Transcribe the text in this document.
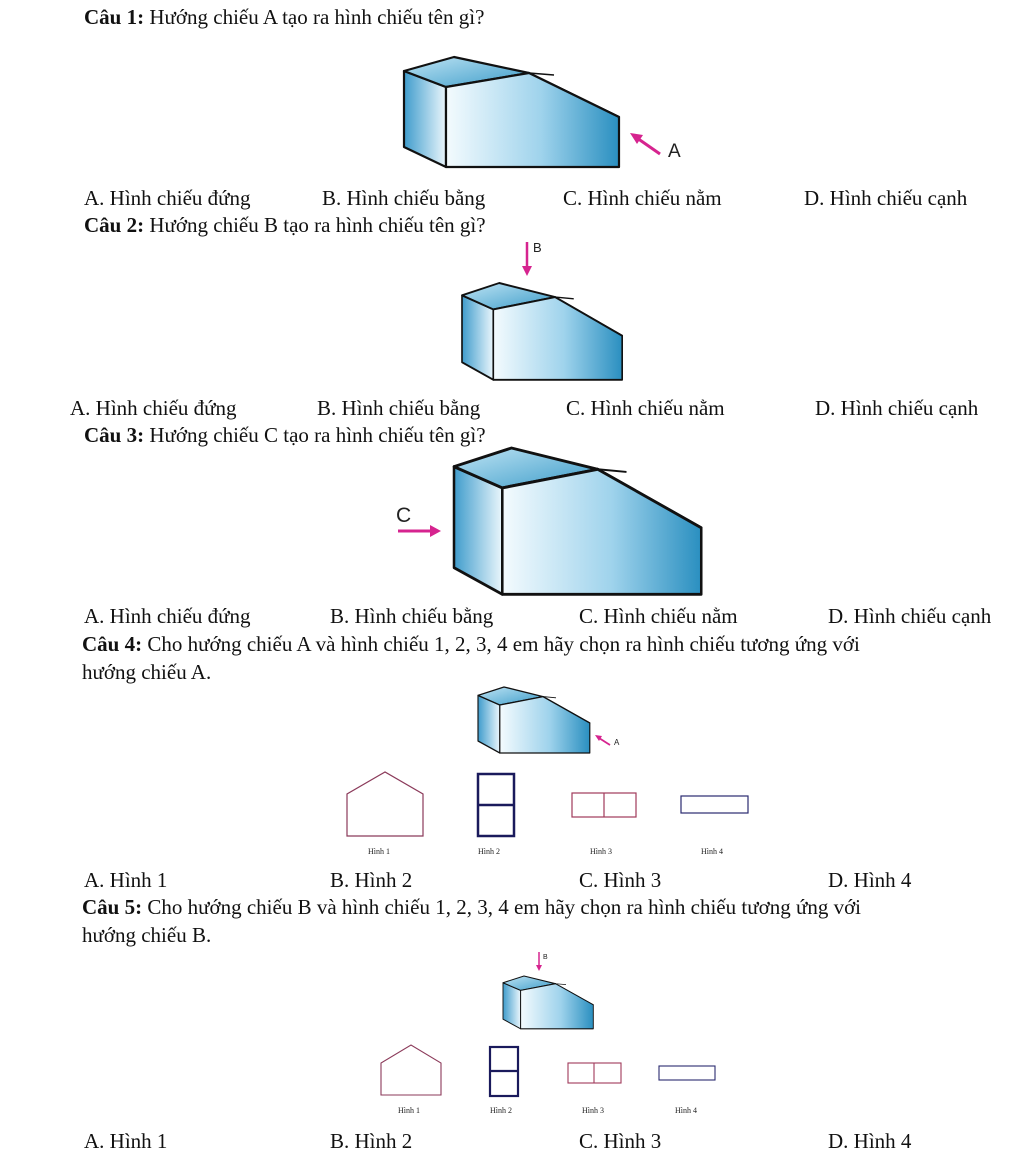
Câu 1: Hướng chiếu A tạo ra hình chiếu tên gì?
A
A. Hình chiếu đứng	B. Hình chiếu bằng	C. Hình chiếu nằm	D. Hình chiếu cạnh
Câu 2: Hướng chiếu B tạo ra hình chiếu tên gì?
B
A. Hình chiếu đứng	B. Hình chiếu bằng	C. Hình chiếu nằm	D. Hình chiếu cạnh
Câu 3: Hướng chiếu C tạo ra hình chiếu tên gì?
C
A. Hình chiếu đứng	B. Hình chiếu bằng	C. Hình chiếu nằm	D. Hình chiếu cạnh
Câu 4: Cho hướng chiếu A và hình chiếu 1, 2, 3, 4 em hãy chọn ra hình chiếu tương ứng với
hướng chiếu A.
A
Hình 1	Hình 2	Hình 3	Hình 4
A. Hình 1	B. Hình 2	C. Hình 3	D. Hình 4
Câu 5: Cho hướng chiếu B và hình chiếu 1, 2, 3, 4 em hãy chọn ra hình chiếu tương ứng với
hướng chiếu B.
B
Hình 1	Hình 2	Hình 3	Hình 4
A. Hình 1	B. Hình 2	C. Hình 3	D. Hình 4
